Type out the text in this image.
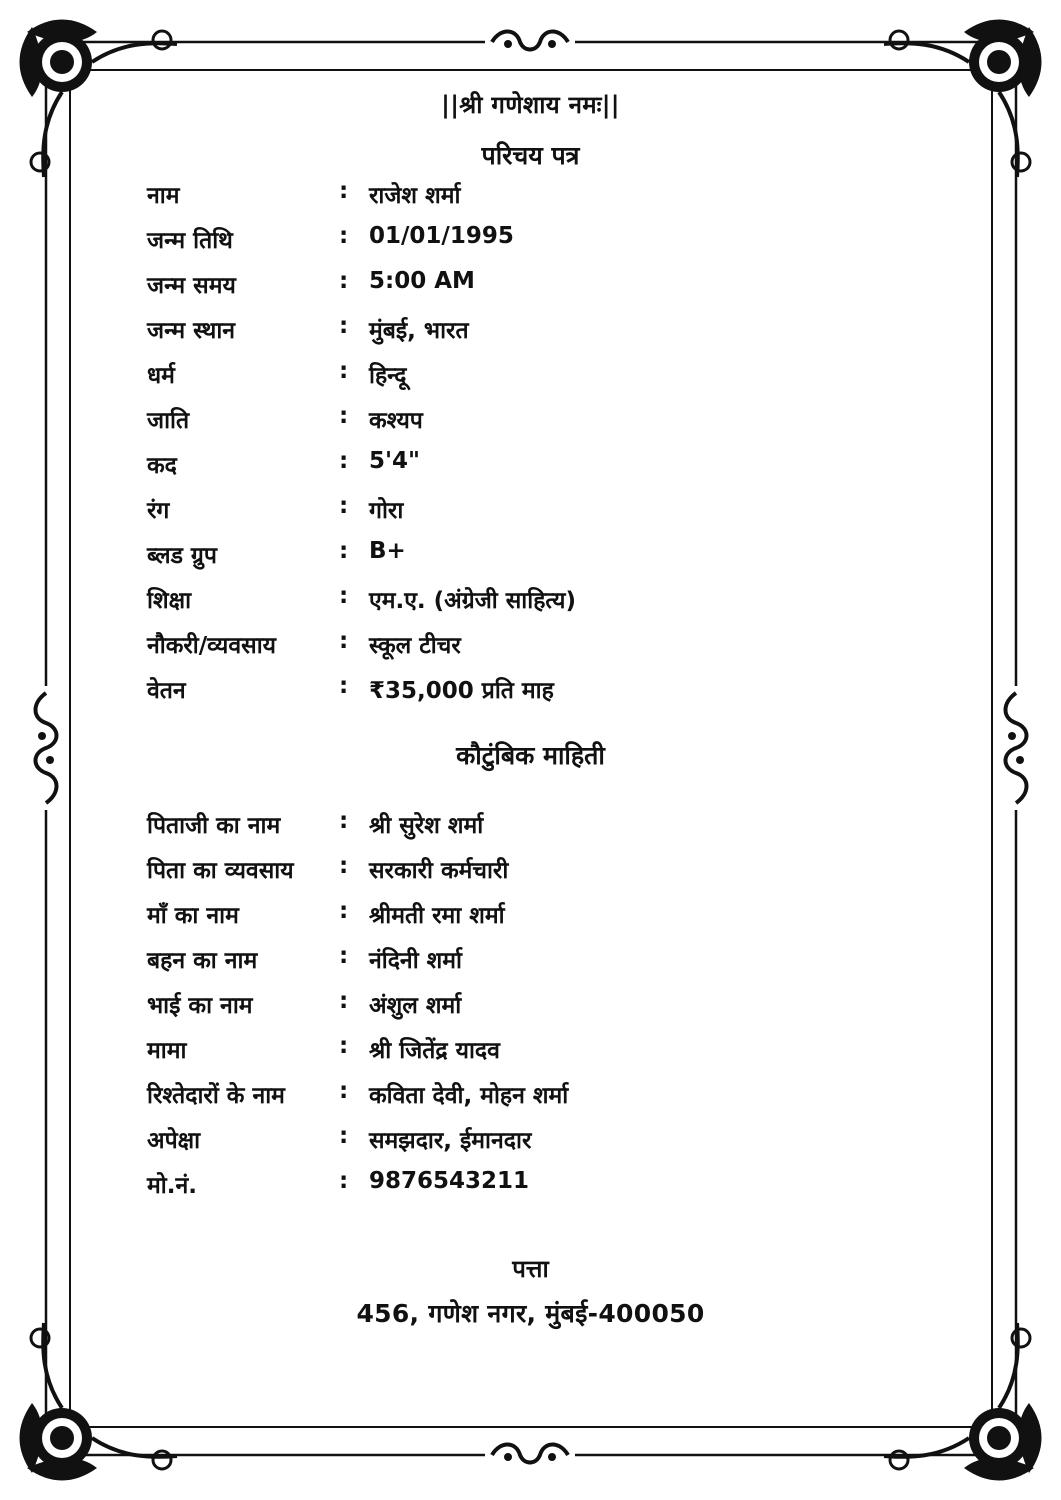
||श्री गणेशाय नमः||
परिचय पत्र
नाम	: राजेश शर्मा
जन्म तिथि	: 01/01/1995
जन्म समय	: 5:00 AM
जन्म स्थान	: मुंबई, भारत
धर्म	: हिन्दू
जाति	: कश्यप
कद	: 5'4"
रंग	: गोरा
ब्लड ग्रुप	: B+
शिक्षा	: एम.ए. (अंग्रेजी साहित्य)
नौकरी/व्यवसाय	: स्कूल टीचर
वेतन	: ₹35,000 प्रति माह
कौटुंबिक माहिती
पिताजी का नाम	: श्री सुरेश शर्मा
पिता का व्यवसाय : सरकारी कर्मचारी
माँ का नाम	: श्रीमती रमा शर्मा
बहन का नाम	: नंदिनी शर्मा
भाई का नाम	: अंशुल शर्मा
मामा	: श्री जितेंद्र यादव
रिश्तेदारों के नाम : कविता देवी, मोहन शर्मा
अपेक्षा	: समझदार, ईमानदार
मो.नं.	: 9876543211
पत्ता
456, गणेश नगर, मुंबई-400050
